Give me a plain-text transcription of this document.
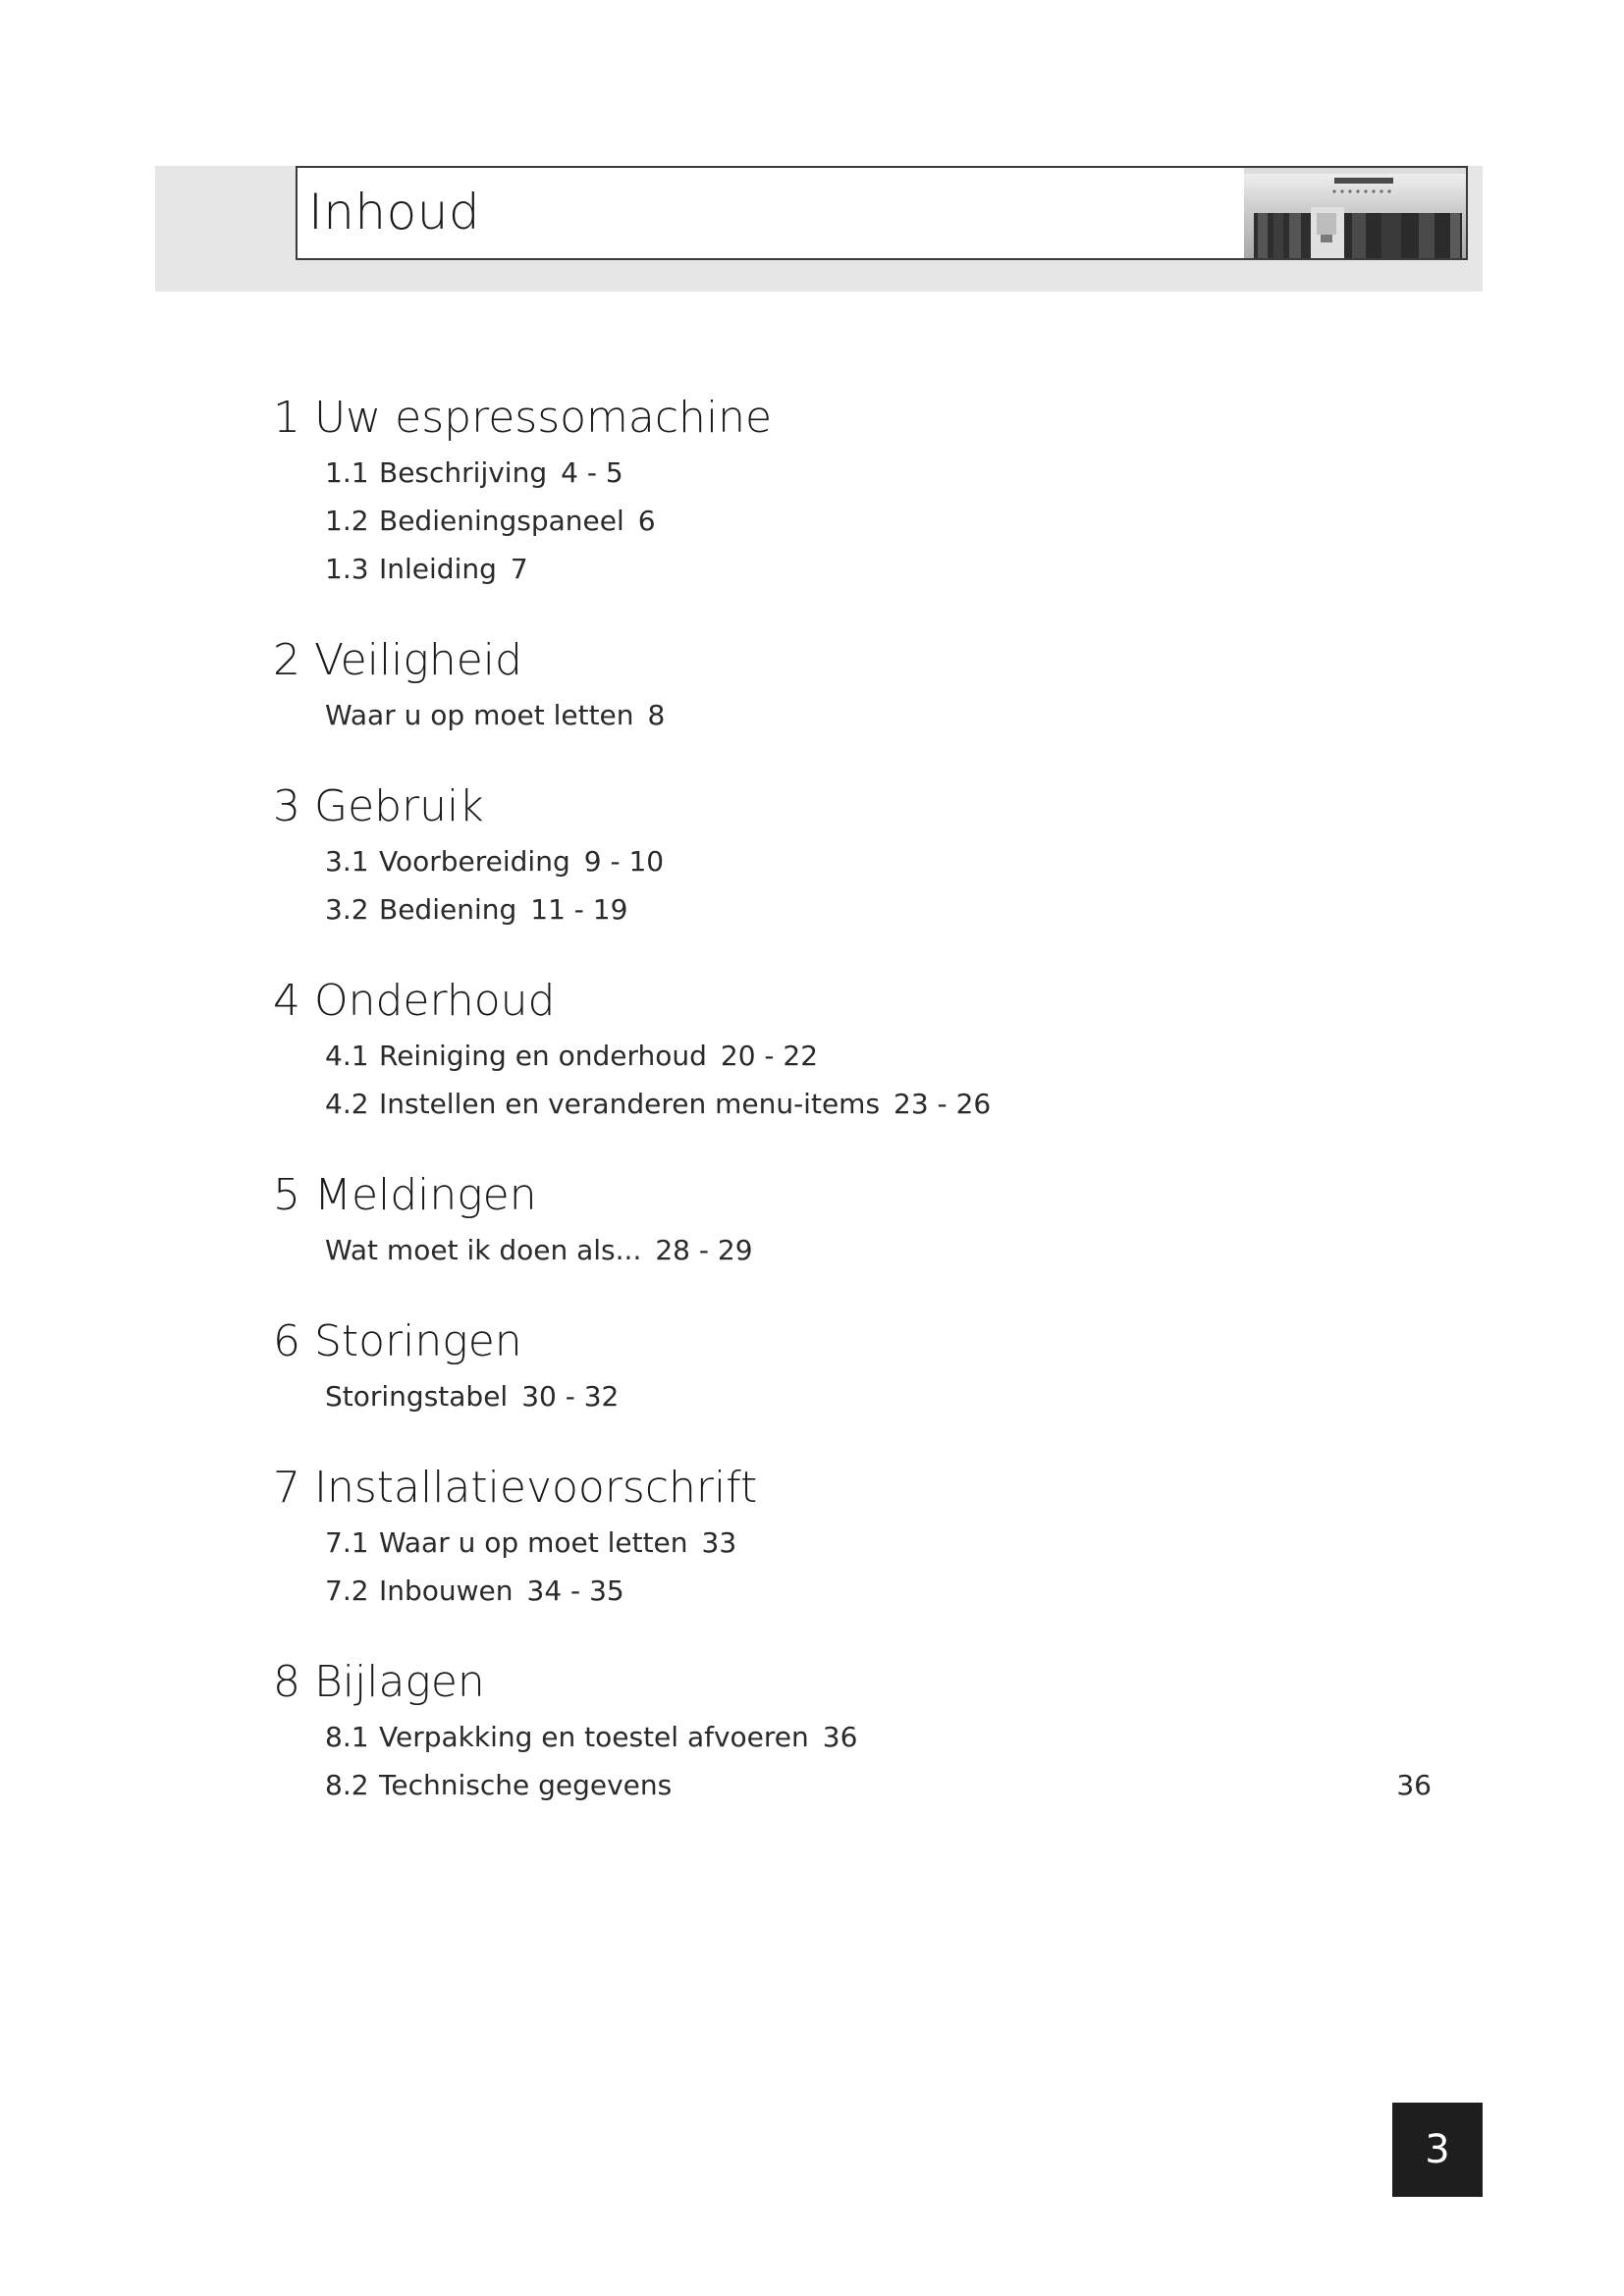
Inhoud
1 Uw espressomachine
1.1 Beschrijving 4 - 5
1.2 Bedieningspaneel 6
1.3 Inleiding 7
2 Veiligheid
Waar u op moet letten 8
3 Gebruik
3.1 Voorbereiding 9 - 10
3.2 Bediening 11 - 19
4 Onderhoud
4.1 Reiniging en onderhoud 20 - 22
4.2 Instellen en veranderen menu-items 23 - 26
5 Meldingen
Wat moet ik doen als... 28 - 29
6 Storingen
Storingstabel 30 - 32
7 Installatievoorschrift
7.1 Waar u op moet letten 33
7.2 Inbouwen 34 - 35
8 Bijlagen
8.1 Verpakking en toestel afvoeren 36
8.2 Technische gegevens	36
3
